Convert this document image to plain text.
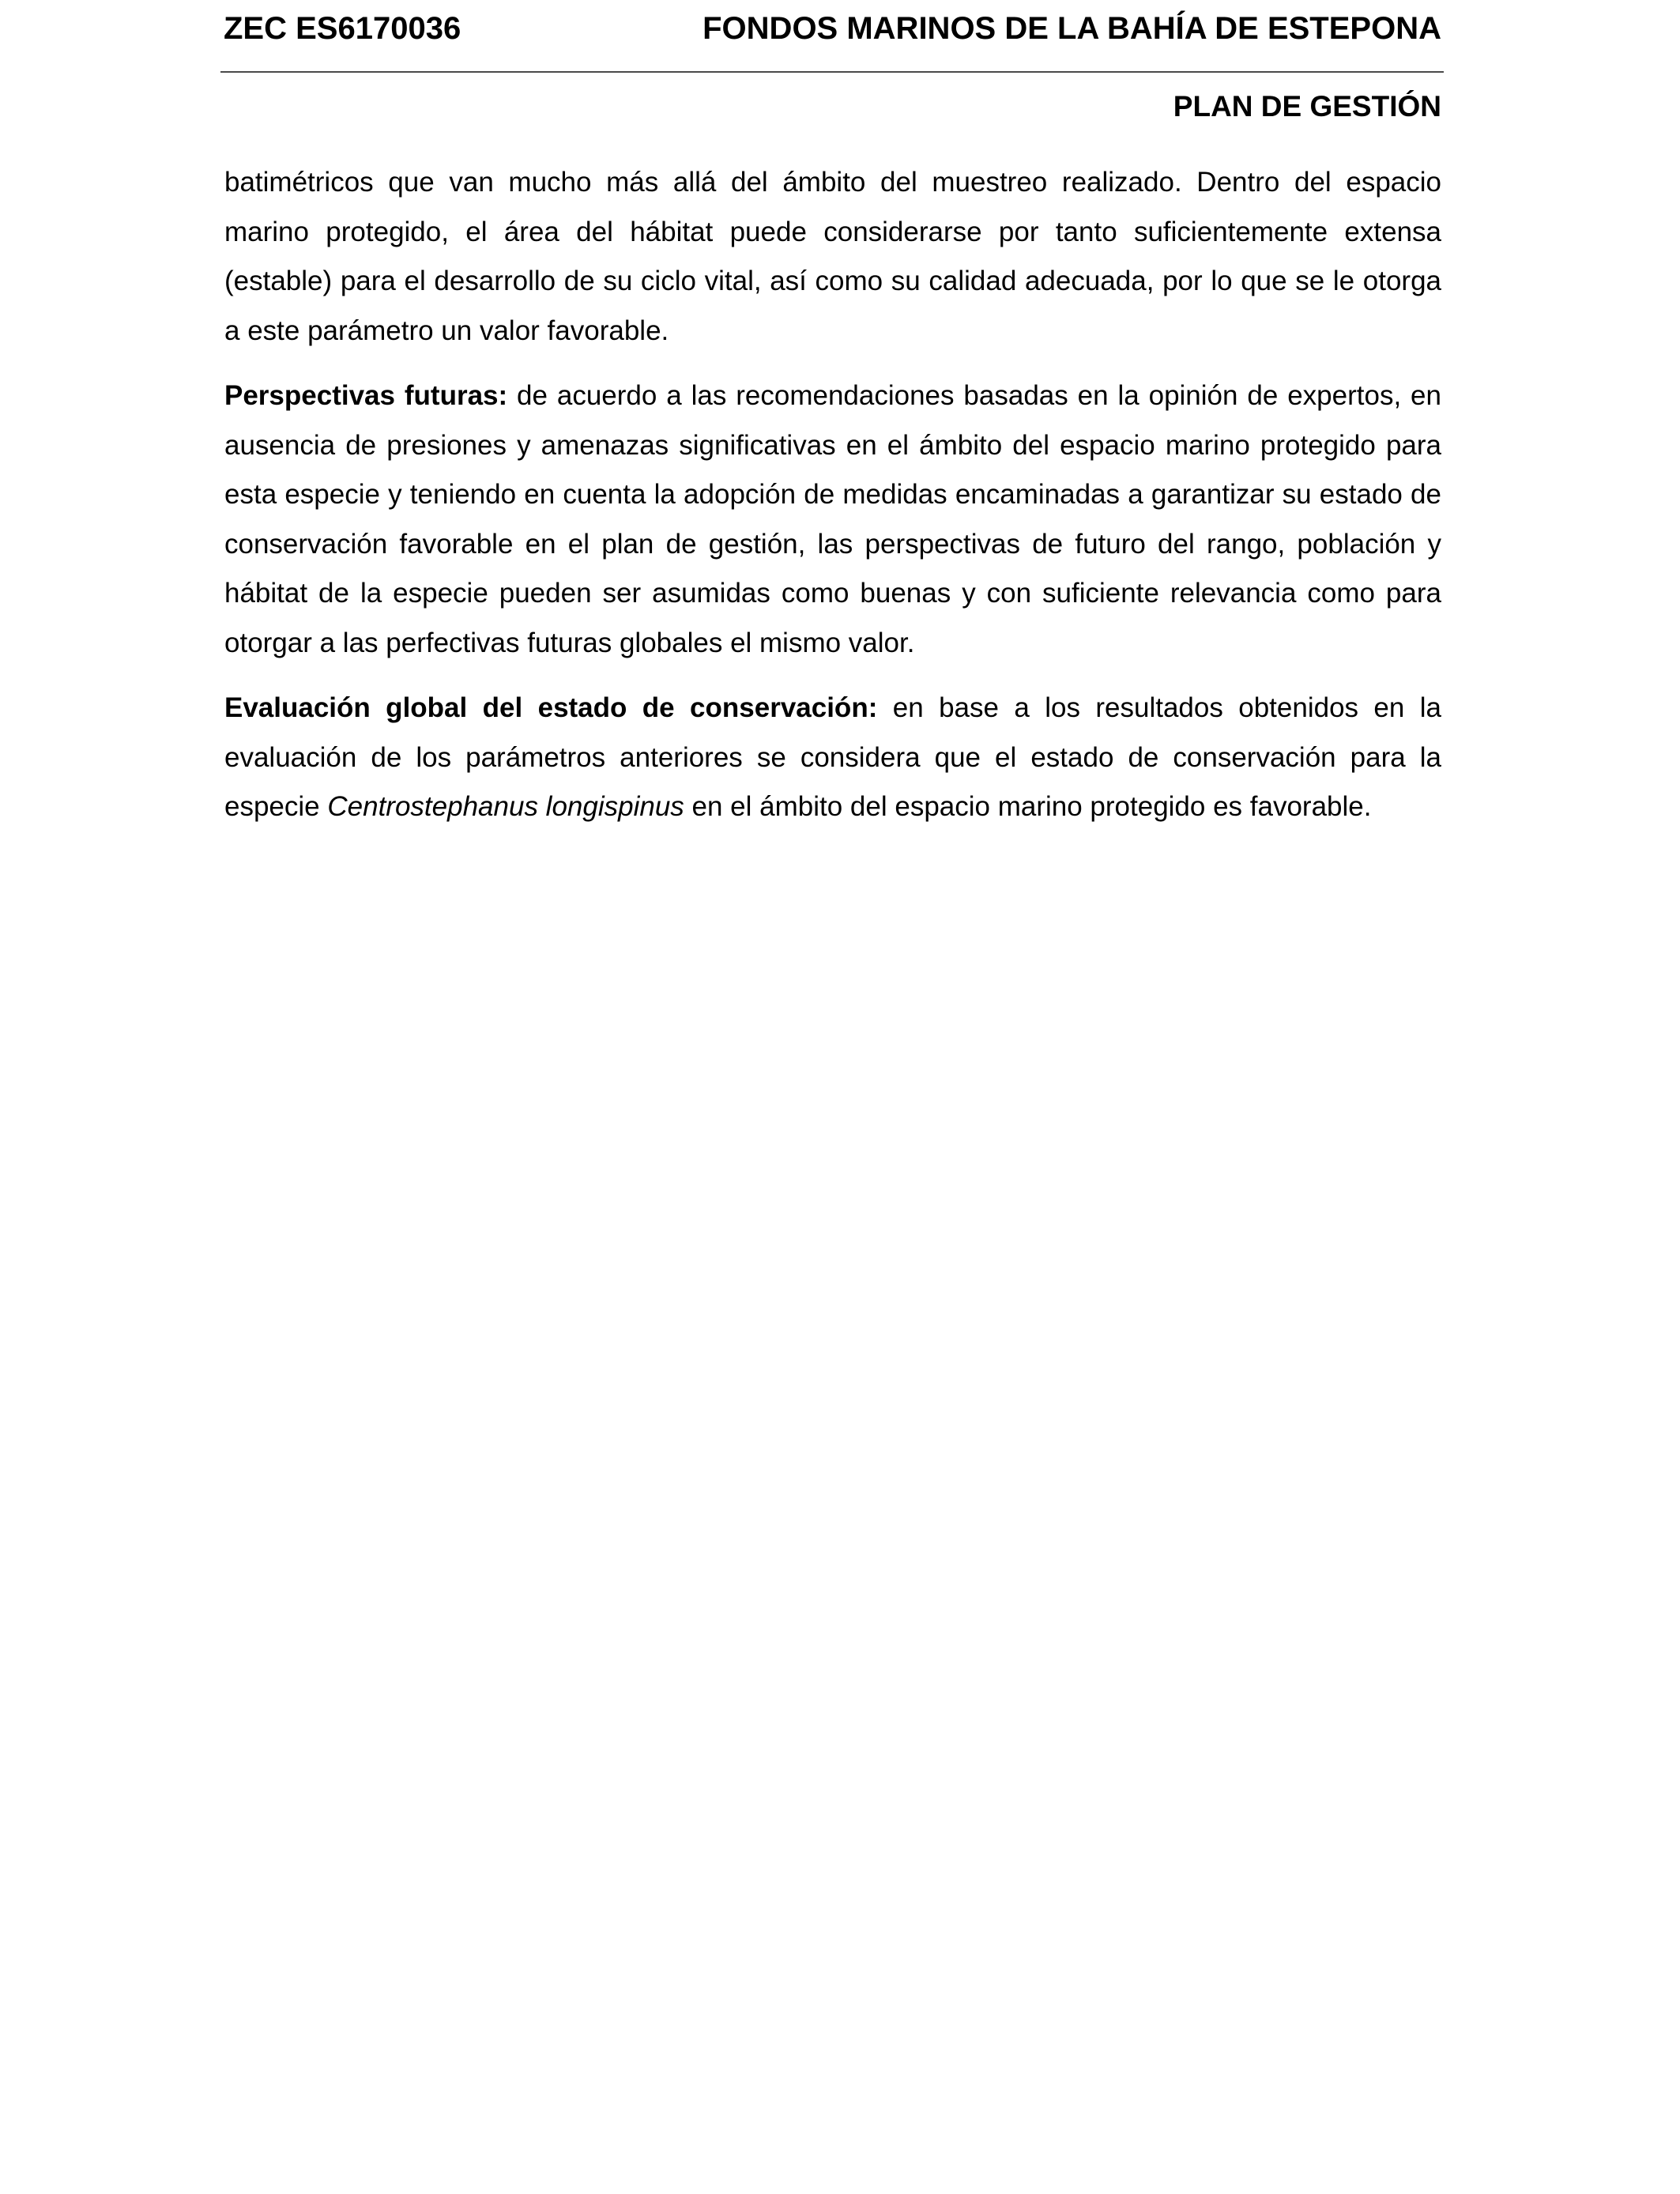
ZEC ES6170036	FONDOS MARINOS DE LA BAHÍA DE ESTEPONA
PLAN DE GESTIÓN

batimétricos que van mucho más allá del ámbito del muestreo realizado. Dentro del espacio marino protegido, el área del hábitat puede considerarse por tanto suficientemente extensa (estable) para el desarrollo de su ciclo vital, así como su calidad adecuada, por lo que se le otorga a este parámetro un valor favorable.

Perspectivas futuras: de acuerdo a las recomendaciones basadas en la opinión de expertos, en ausencia de presiones y amenazas significativas en el ámbito del espacio marino protegido para esta especie y teniendo en cuenta la adopción de medidas encaminadas a garantizar su estado de conservación favorable en el plan de gestión, las perspectivas de futuro del rango, población y hábitat de la especie pueden ser asumidas como buenas y con suficiente relevancia como para otorgar a las perfectivas futuras globales el mismo valor.

Evaluación global del estado de conservación: en base a los resultados obtenidos en la evaluación de los parámetros anteriores se considera que el estado de conservación para la especie Centrostephanus longispinus en el ámbito del espacio marino protegido es favorable.
